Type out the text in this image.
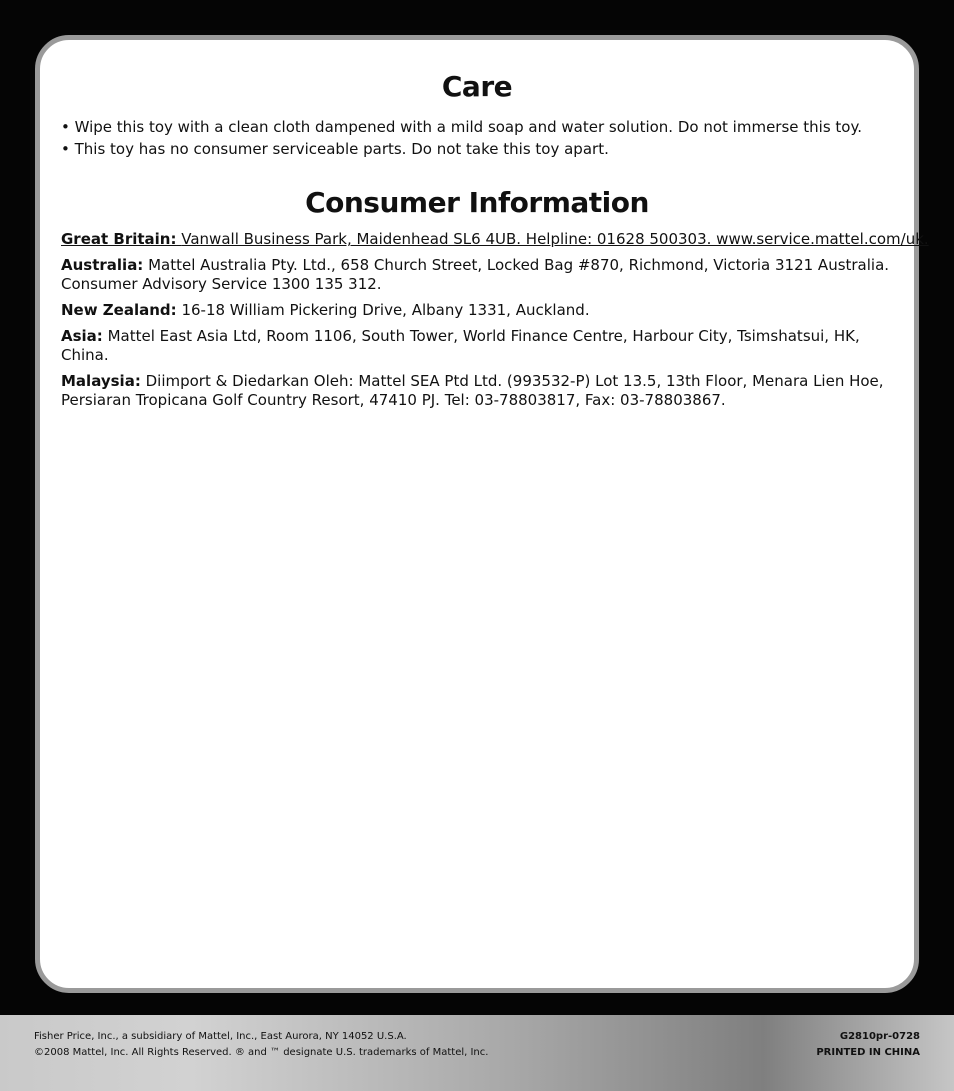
Care
• Wipe this toy with a clean cloth dampened with a mild soap and water solution. Do not immerse this toy.
• This toy has no consumer serviceable parts. Do not take this toy apart.
Consumer Information
Great Britain: Vanwall Business Park, Maidenhead SL6 4UB. Helpline: 01628 500303. www.service.mattel.com/uk.
Australia: Mattel Australia Pty. Ltd., 658 Church Street, Locked Bag #870, Richmond, Victoria 3121 Australia. Consumer Advisory Service 1300 135 312.
New Zealand: 16-18 William Pickering Drive, Albany 1331, Auckland.
Asia: Mattel East Asia Ltd, Room 1106, South Tower, World Finance Centre, Harbour City, Tsimshatsui, HK, China.
Malaysia: Diimport & Diedarkan Oleh: Mattel SEA Ptd Ltd. (993532-P) Lot 13.5, 13th Floor, Menara Lien Hoe, Persiaran Tropicana Golf Country Resort, 47410 PJ. Tel: 03-78803817, Fax: 03-78803867.
Fisher Price, Inc., a subsidiary of Mattel, Inc., East Aurora, NY 14052 U.S.A.
©2008 Mattel, Inc. All Rights Reserved. ® and ™ designate U.S. trademarks of Mattel, Inc.
G2810pr-0728
PRINTED IN CHINA
